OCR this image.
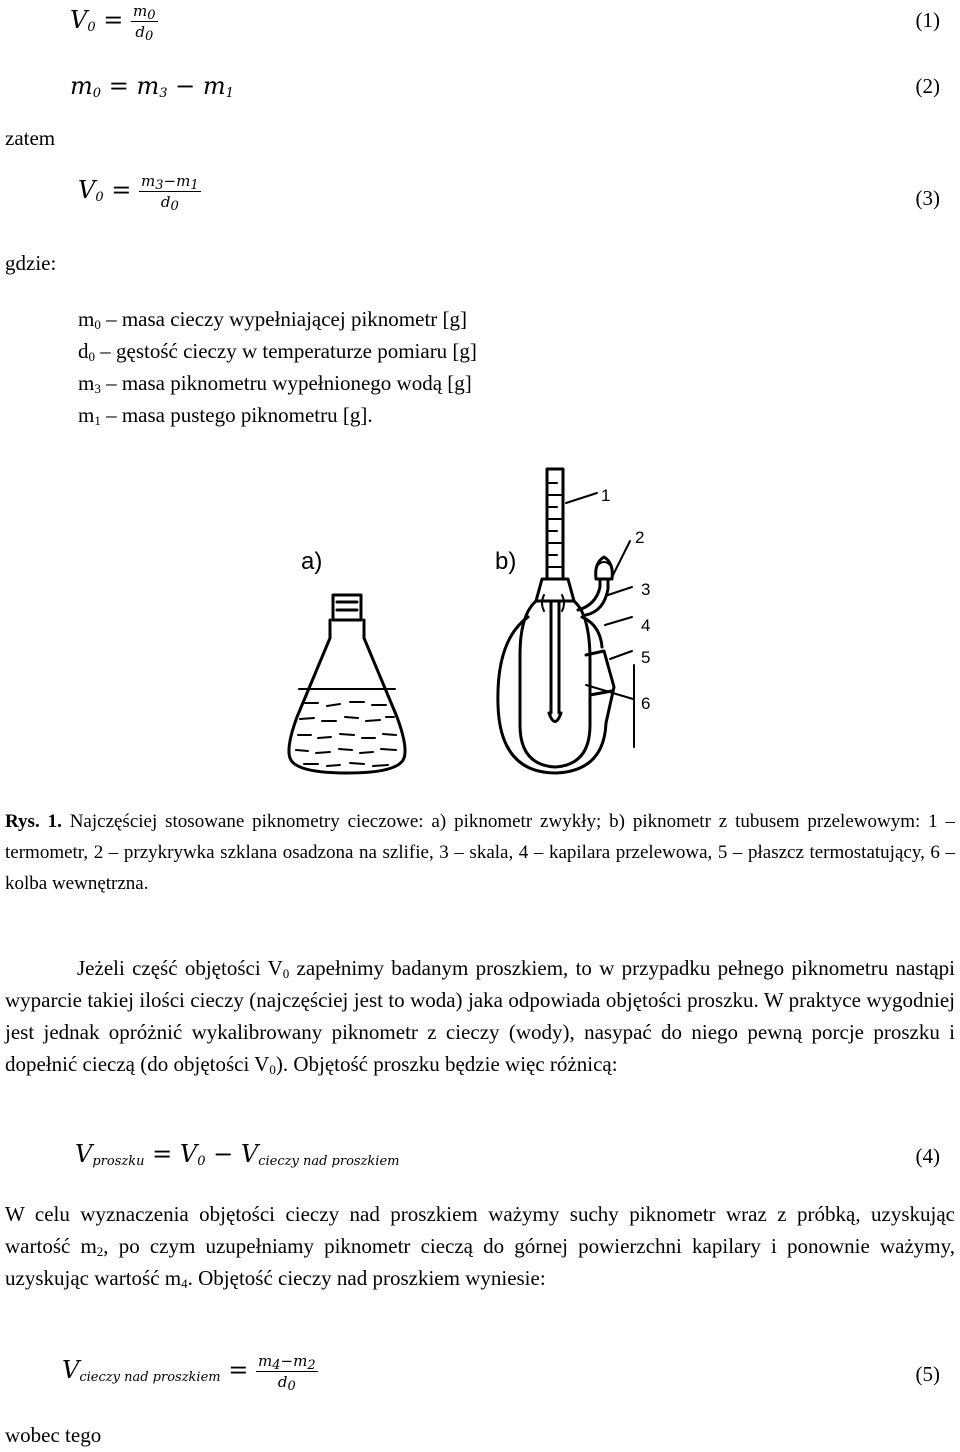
$V_0 = \frac{m_0}{d_0}$	(1)
$m_0 = m_3 - m_1$	(2)
zatem
$V_0 = \frac{m_3-m_1}{d_0}$	(3)
gdzie:
$m_0$ – masa cieczy wypełniającej piknometr [g]
$d_0$ – gęstość cieczy w temperaturze pomiaru [g]
$m_3$ – masa piknometru wypełnionego wodą [g]
$m_1$ – masa pustego piknometru [g].
a)	b)
1
2
3
4
5
6
Rys. 1. Najczęściej stosowane piknometry cieczowe: a) piknometr zwykły; b) piknometr z tubusem przelewowym: 1 – termometr, 2 – przykrywka szklana osadzona na szlifie, 3 – skala, 4 – kapilara przelewowa, 5 – płaszcz termostatujący, 6 – kolba wewnętrzna.
Jeżeli część objętości $V_0$ zapełnimy badanym proszkiem, to w przypadku pełnego piknometru nastąpi wyparcie takiej ilości cieczy (najczęściej jest to woda) jaka odpowiada objętości proszku. W praktyce wygodniej jest jednak opróżnić wykalibrowany piknometr z cieczy (wody), nasypać do niego pewną porcje proszku i dopełnić cieczą (do objętości $V_0$). Objętość proszku będzie więc różnicą:
$V_{proszku} = V_0 - V_{cieczy nad proszkiem}$	(4)
W celu wyznaczenia objętości cieczy nad proszkiem ważymy suchy piknometr wraz z próbką, uzyskując wartość $m_2$, po czym uzupełniamy piknometr cieczą do górnej powierzchni kapilary i ponownie ważymy, uzyskując wartość $m_4$. Objętość cieczy nad proszkiem wyniesie:
$V_{cieczy nad proszkiem} = \frac{m_4-m_2}{d_0}$	(5)
wobec tego
